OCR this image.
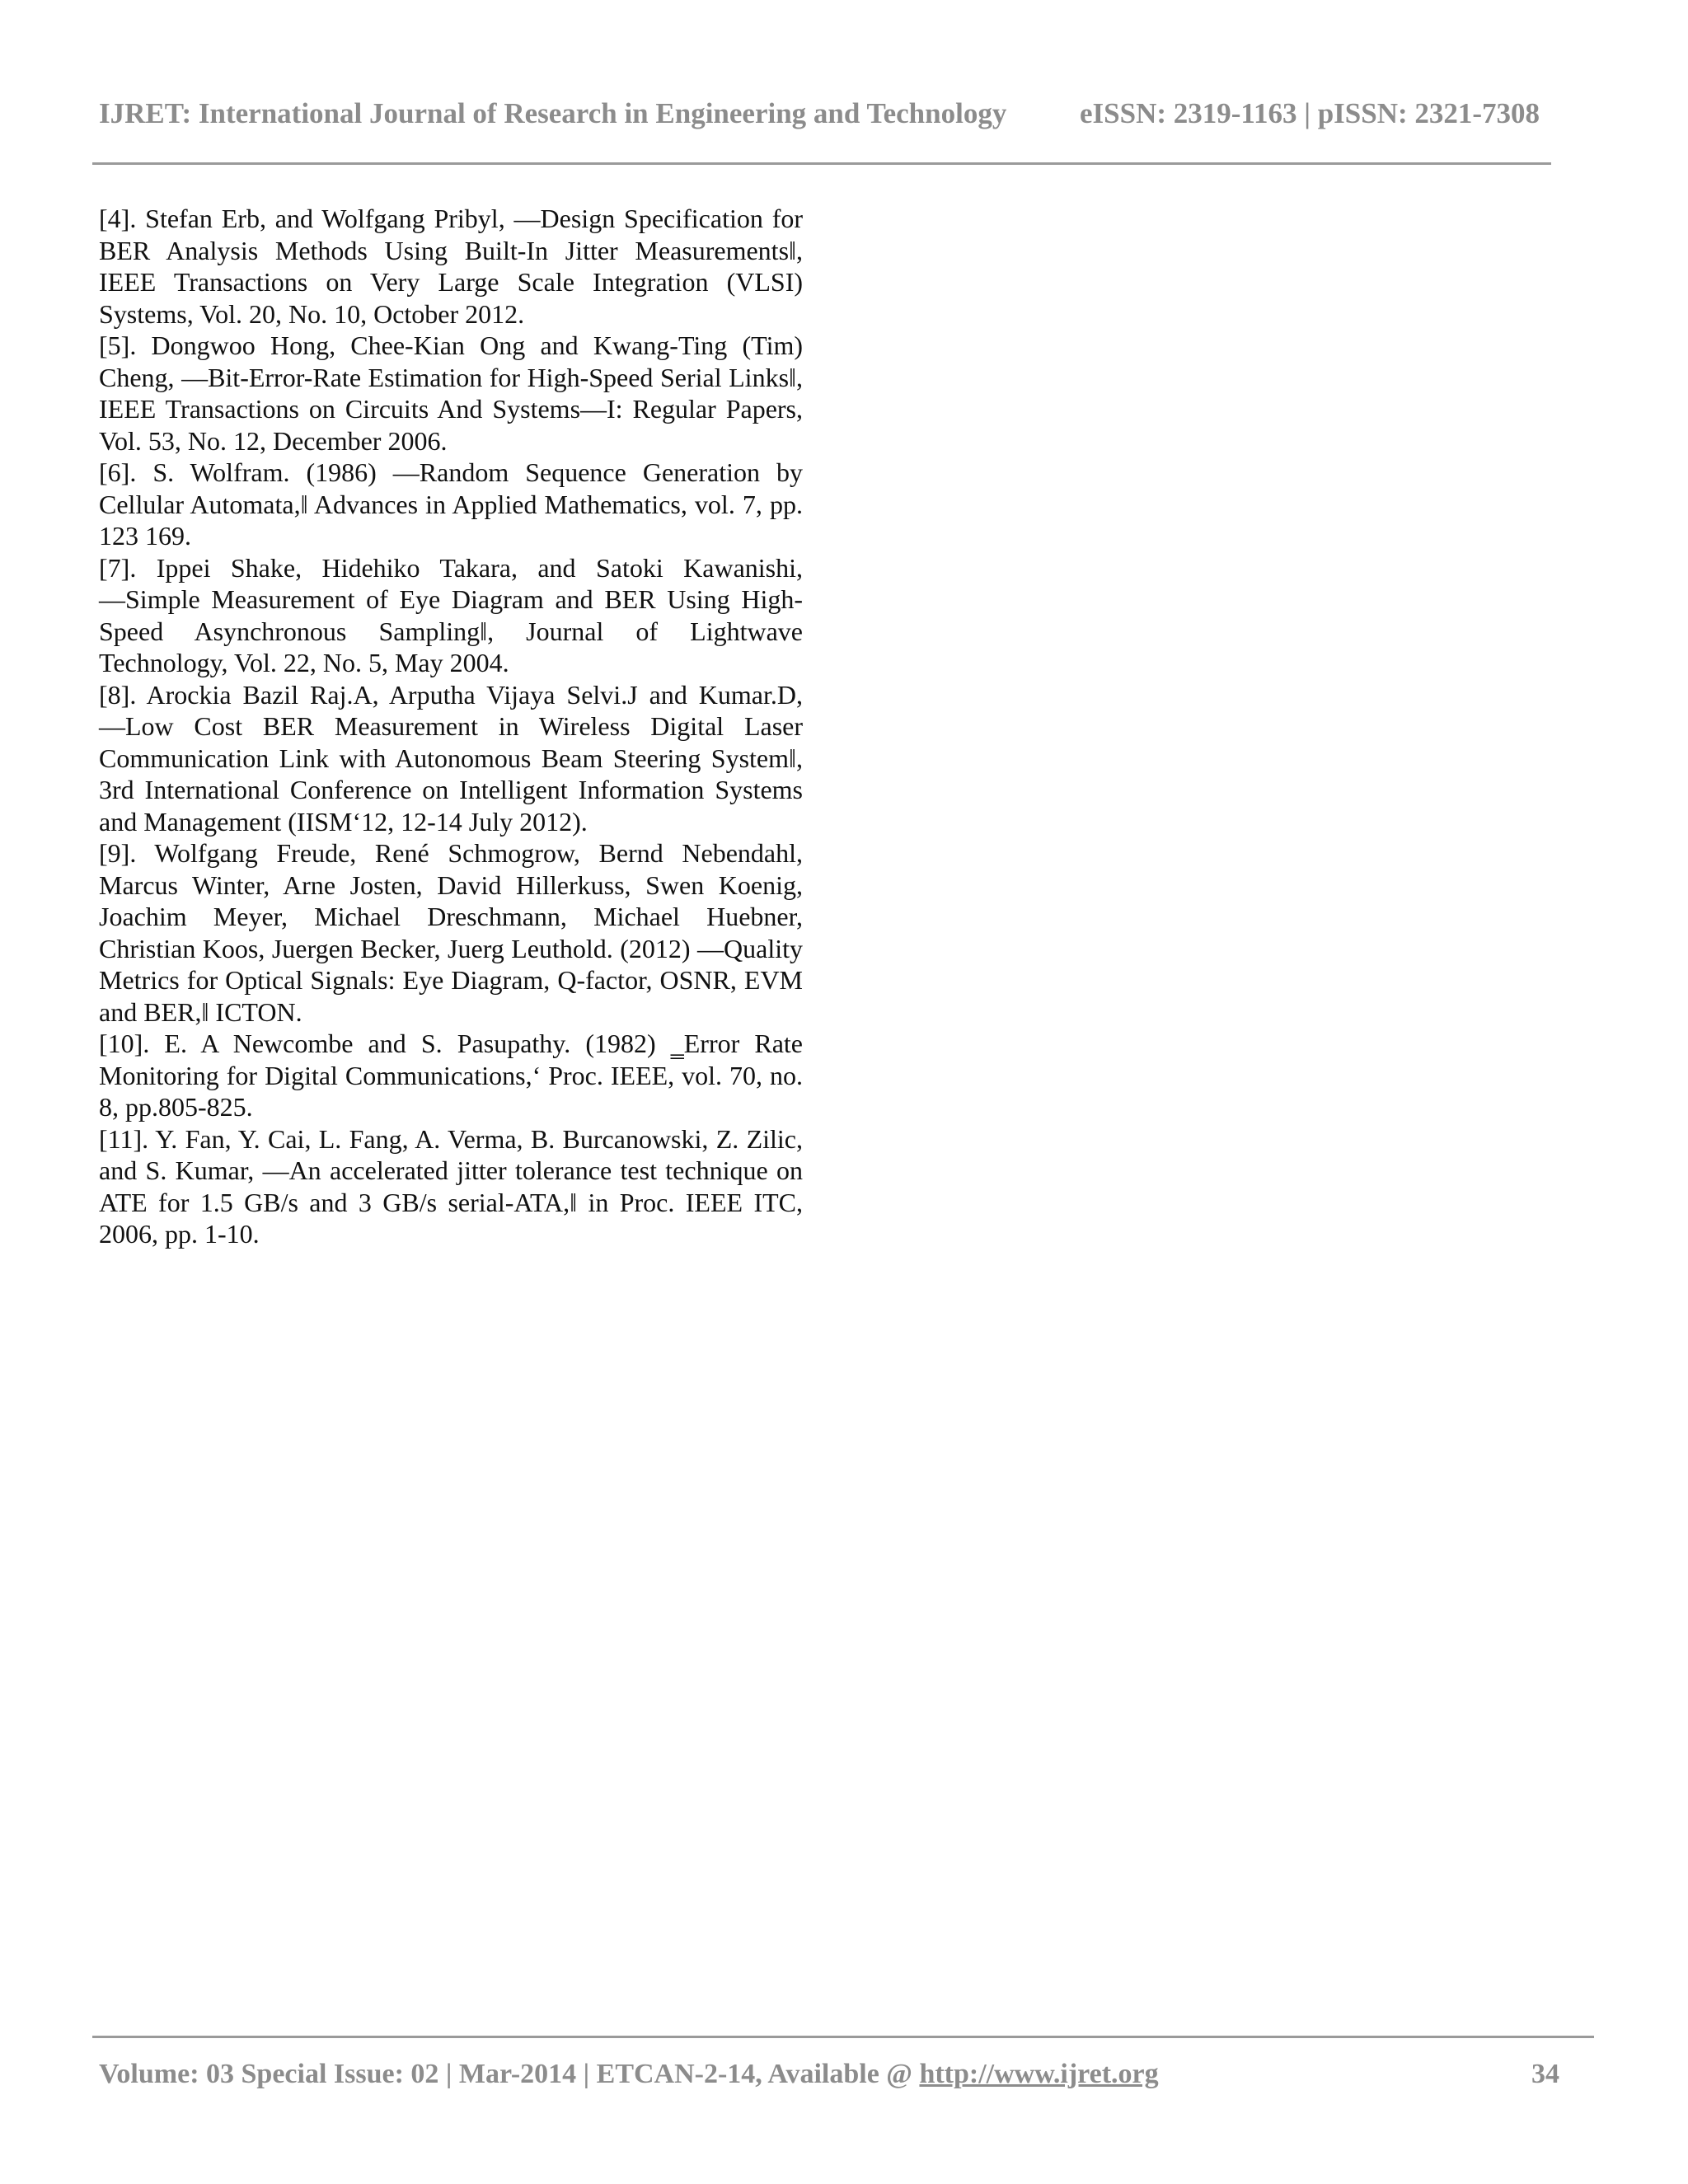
IJRET: International Journal of Research in Engineering and Technology	eISSN: 2319-1163 | pISSN: 2321-7308

[4]. Stefan Erb, and Wolfgang Pribyl, ―Design Specification for BER Analysis Methods Using Built-In Jitter Measurements‖, IEEE Transactions on Very Large Scale Integration (VLSI) Systems, Vol. 20, No. 10, October 2012.

[5]. Dongwoo Hong, Chee-Kian Ong and Kwang-Ting (Tim) Cheng, ―Bit-Error-Rate Estimation for High-Speed Serial Links‖, IEEE Transactions on Circuits And Systems—I: Regular Papers, Vol. 53, No. 12, December 2006.

[6]. S. Wolfram. (1986) ―Random Sequence Generation by Cellular Automata,‖ Advances in Applied Mathematics, vol. 7, pp. 123 169.

[7]. Ippei Shake, Hidehiko Takara, and Satoki Kawanishi, ―Simple Measurement of Eye Diagram and BER Using High-Speed Asynchronous Sampling‖, Journal of Lightwave Technology, Vol. 22, No. 5, May 2004.

[8]. Arockia Bazil Raj.A, Arputha Vijaya Selvi.J and Kumar.D, ―Low Cost BER Measurement in Wireless Digital Laser Communication Link with Autonomous Beam Steering System‖, 3rd International Conference on Intelligent Information Systems and Management (IISM‘12, 12-14 July 2012).

[9]. Wolfgang Freude, René Schmogrow, Bernd Nebendahl, Marcus Winter, Arne Josten, David Hillerkuss, Swen Koenig, Joachim Meyer, Michael Dreschmann, Michael Huebner, Christian Koos, Juergen Becker, Juerg Leuthold. (2012) ―Quality Metrics for Optical Signals: Eye Diagram, Q-factor, OSNR, EVM and BER,‖ ICTON.

[10]. E. A Newcombe and S. Pasupathy. (1982) ‗Error Rate Monitoring for Digital Communications,‘ Proc. IEEE, vol. 70, no. 8, pp.805-825.

[11]. Y. Fan, Y. Cai, L. Fang, A. Verma, B. Burcanowski, Z. Zilic, and S. Kumar, ―An accelerated jitter tolerance test technique on ATE for 1.5 GB/s and 3 GB/s serial-ATA,‖ in Proc. IEEE ITC, 2006, pp. 1-10.

Volume: 03 Special Issue: 02 | Mar-2014 | ETCAN-2-14, Available @ http://www.ijret.org	34
